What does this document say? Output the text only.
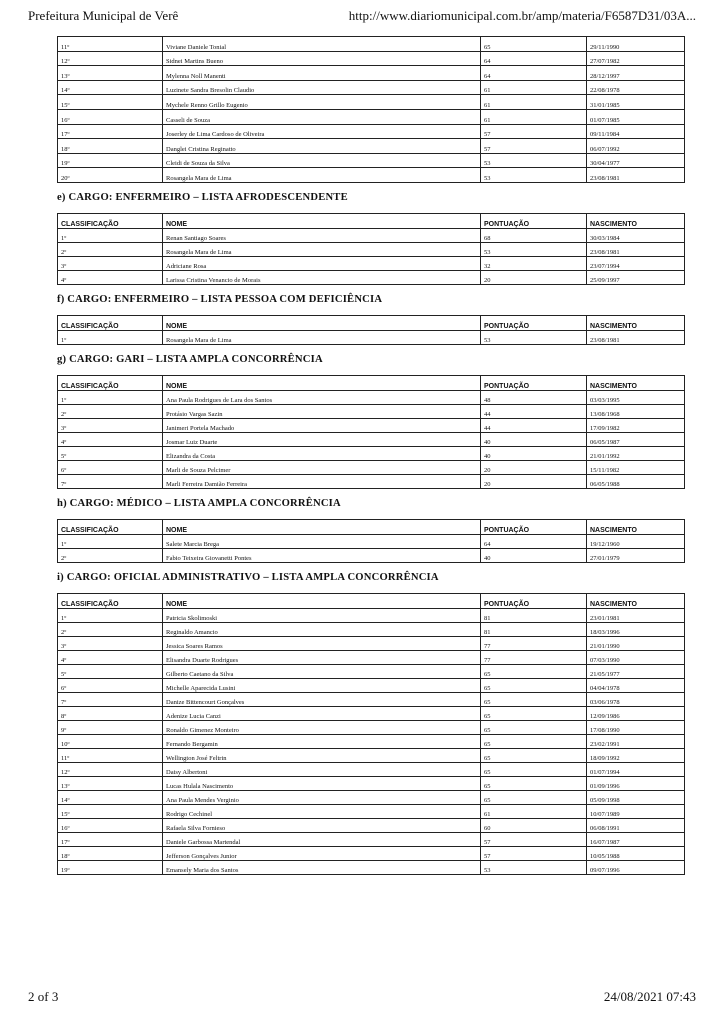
Prefeitura Municipal de Verê	http://www.diariomunicipal.com.br/amp/materia/F6587D31/03A...
11º	Viviane Daniele Tonial	65	29/11/1990
12º	Sidnei Martins Bueno	64	27/07/1982
13º	Mylenna Noll Manenti	64	28/12/1997
14º	Luzinete Sandra Bresolin Claudio	61	22/08/1978
15º	Mychele Renno Grillo Eugenio	61	31/01/1985
16º	Casseli de Souza	61	01/07/1985
17º	Joserley de Lima Cardoso de Oliveira	57	09/11/1984
18º	Danglei Cristina Reginatto	57	06/07/1992
19º	Cleidi de Souza da Silva	53	30/04/1977
20º	Rosangela Mara de Lima	53	23/08/1981
e) CARGO: ENFERMEIRO – LISTA AFRODESCENDENTE
CLASSIFICAÇÃO	NOME	PONTUAÇÃO	NASCIMENTO
1º	Renan Santiago Soares	68	30/03/1984
2º	Rosangela Mara de Lima	53	23/08/1981
3º	Adriciane Rosa	32	23/07/1994
4º	Larissa Cristina Venancio de Morais	20	25/09/1997
f) CARGO: ENFERMEIRO – LISTA PESSOA COM DEFICIÊNCIA
CLASSIFICAÇÃO	NOME	PONTUAÇÃO	NASCIMENTO
1º	Rosangela Mara de Lima	53	23/08/1981
g) CARGO: GARI – LISTA AMPLA CONCORRÊNCIA
CLASSIFICAÇÃO	NOME	PONTUAÇÃO	NASCIMENTO
1º	Ana Paula Rodrigues de Lara dos Santos	48	03/03/1995
2º	Protásio Vargas Sazin	44	13/08/1968
3º	Janimeri Portela Machado	44	17/09/1982
4º	Josmar Luiz Duarte	40	06/05/1987
5º	Elizandra da Costa	40	21/01/1992
6º	Marli de Souza Pelcimer	20	15/11/1982
7º	Marli Ferreira Damião Ferreira	20	06/05/1988
h) CARGO: MÉDICO – LISTA AMPLA CONCORRÊNCIA
CLASSIFICAÇÃO	NOME	PONTUAÇÃO	NASCIMENTO
1º	Salete Marcia Brega	64	19/12/1960
2º	Fabio Teixeira Giovanetti Pontes	40	27/01/1979
i) CARGO: OFICIAL ADMINISTRATIVO – LISTA AMPLA CONCORRÊNCIA
CLASSIFICAÇÃO	NOME	PONTUAÇÃO	NASCIMENTO
1º	Patricia Skolimoski	81	23/01/1981
2º	Reginaldo Amancio	81	18/03/1996
3º	Jessica Soares Ramos	77	21/01/1990
4º	Elisandra Duarte Rodrigues	77	07/03/1990
5º	Gilberto Caetano da Silva	65	21/05/1977
6º	Michelle Aparecida Lusini	65	04/04/1978
7º	Danize Bittencourt Gonçalves	65	03/06/1978
8º	Adenize Lucia Canzi	65	12/09/1986
9º	Ronaldo Gimenez Monteiro	65	17/08/1990
10º	Fernando Bergamin	65	23/02/1991
11º	Wellington José Feltrin	65	18/09/1992
12º	Daisy Albertoni	65	01/07/1994
13º	Lucas Hulala Nascimento	65	01/09/1996
14º	Ana Paula Mendes Verginio	65	05/09/1998
15º	Rodrigo Cechinel	61	10/07/1989
16º	Rafaela Silva Fornieso	60	06/08/1991
17º	Daniele Garbossa Martendal	57	16/07/1987
18º	Jefferson Gonçalves Junior	57	10/05/1988
19º	Emansely Maria dos Santos	53	09/07/1996
2 of 3	24/08/2021 07:43
